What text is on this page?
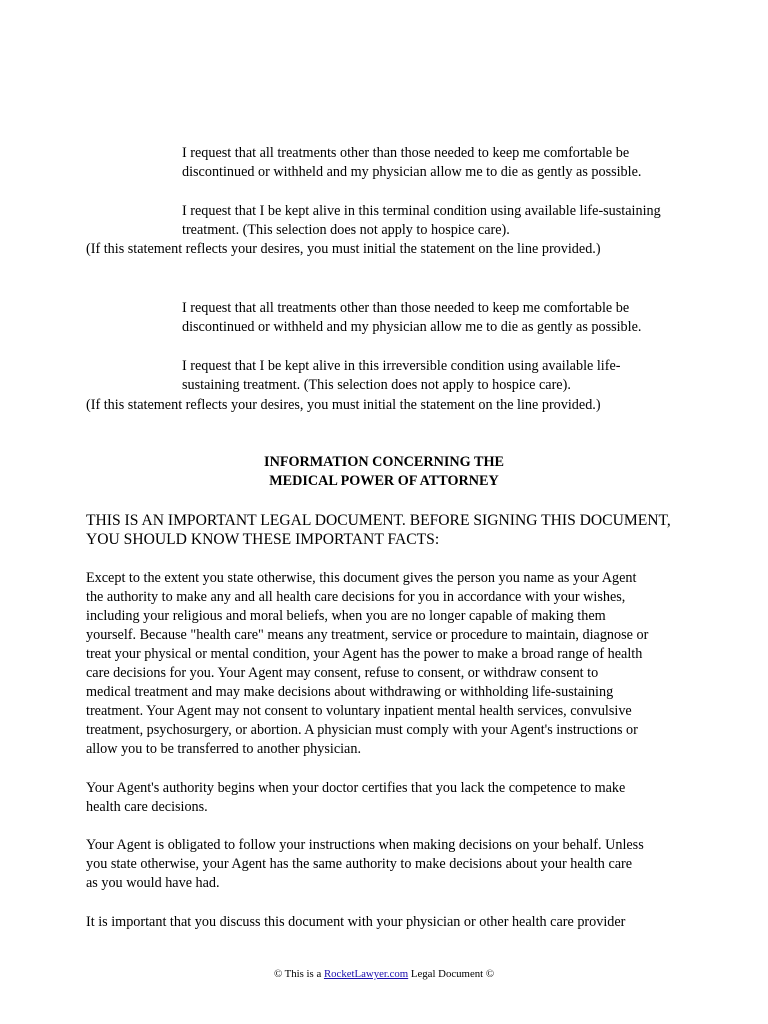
I request that all treatments other than those needed to keep me comfortable be
discontinued or withheld and my physician allow me to die as gently as possible.
I request that I be kept alive in this terminal condition using available life-sustaining
treatment. (This selection does not apply to hospice care).
(If this statement reflects your desires, you must initial the statement on the line provided.)
I request that all treatments other than those needed to keep me comfortable be
discontinued or withheld and my physician allow me to die as gently as possible.
I request that I be kept alive in this irreversible condition using available life-
sustaining treatment. (This selection does not apply to hospice care).
(If this statement reflects your desires, you must initial the statement on the line provided.)
INFORMATION CONCERNING THE
MEDICAL POWER OF ATTORNEY
THIS IS AN IMPORTANT LEGAL DOCUMENT. BEFORE SIGNING THIS DOCUMENT,
YOU SHOULD KNOW THESE IMPORTANT FACTS:
Except to the extent you state otherwise, this document gives the person you name as your Agent
the authority to make any and all health care decisions for you in accordance with your wishes,
including your religious and moral beliefs, when you are no longer capable of making them
yourself. Because "health care" means any treatment, service or procedure to maintain, diagnose or
treat your physical or mental condition, your Agent has the power to make a broad range of health
care decisions for you. Your Agent may consent, refuse to consent, or withdraw consent to
medical treatment and may make decisions about withdrawing or withholding life-sustaining
treatment. Your Agent may not consent to voluntary inpatient mental health services, convulsive
treatment, psychosurgery, or abortion. A physician must comply with your Agent's instructions or
allow you to be transferred to another physician.
Your Agent's authority begins when your doctor certifies that you lack the competence to make
health care decisions.
Your Agent is obligated to follow your instructions when making decisions on your behalf. Unless
you state otherwise, your Agent has the same authority to make decisions about your health care
as you would have had.
It is important that you discuss this document with your physician or other health care provider
© This is a RocketLawyer.com Legal Document ©
